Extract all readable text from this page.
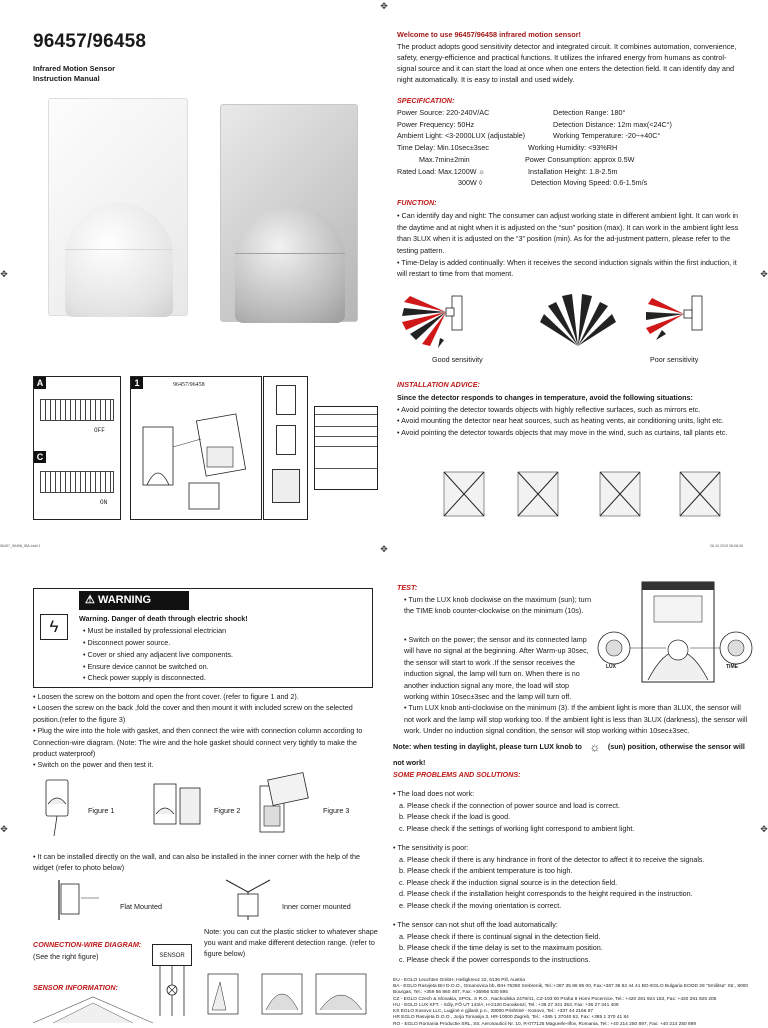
✥
✥	✥
✥
✥	✥
96457/96458
Infrared Motion Sensor
Instruction Manual
Welcome to use 96457/96458 infrared motion sensor!
The product adopts good sensitivity detector and integrated circuit. It combines automation, convenience, safety, energy-efficience and practical functions. It utilizes the infrared energy from humans as control-signal source and it can start the load at once when one enters the detection field. It can identify day and night automatically. It is easy to install and used widely.
SPECIFICATION:
Power Source: 220-240V/AC	Detection Range: 180°
Power Frequency: 50Hz	Detection Distance: 12m max(<24C°)
Ambient Light: <3-2000LUX (adjustable)	Working Temperature: -20~+40C°
Time Delay: Min.10sec±3sec	Working Humidity: <93%RH
Max.7min±2min	Power Consumption: approx 0.5W
Rated Load: Max.1200W ☼	Installation Height: 1.8-2.5m
300W ◊	Detection Moving Speed: 0.6-1.5m/s
FUNCTION:
• Can identify day and night: The consumer can adjust working state in different ambient light. It can work in the daytime and at night when it is adjusted on the “sun” position (max). It can work in the ambient light less than 3LUX when it is adjusted on the “3” position (min). As for the ad-justment pattern, please refer to the testing pattern.
• Time-Delay is added continually: When it receives the second induction signals within the first induction, it will restart to time from that moment.
Good sensitivity	Poor sensitivity
A
OFF
C
ON
1	96457/96458	INSTALLATION ADVICE:
Since the detector responds to changes in temperature, avoid the following situations:
• Avoid pointing the detector towards objects with highly reflective surfaces, such as mirrors etc.
• Avoid mounting the detector near heat sources, such as heating vents, air conditioning units, light etc.
• Avoid pointing the detector towards objects that may move in the wind, such as curtains, tall plants etc.
96457_96458_IBA.indd 1	26.10.2015 08:08:26
⚠ WARNING
ϟ	Warning. Danger of death through electric shock!
• Must be installed by professional electrician
• Disconnect power source.
• Cover or shied any adjacent live components.
• Ensure device cannot be switched on.
• Check power supply is disconnected.
• Loosen the screw on the bottom and open the front cover. (refer to figure 1 and 2).
• Loosen the screw on the back ,fold the cover and then mount it with included screw on the selected position.(refer to the figure 3)
• Plug the wire into the hole with gasket, and then connect the wire with connection column according to Connection-wire diagram. (Note: The wire and the hole gasket should connect very tightly to make the product waterproof)
• Switch on the power and then test it.
Figure 1	Figure 2	Figure 3
• It can be installed directly on the wall, and can also be installed in the inner corner with the help of the widget (refer to photo below)
Flat Mounted	Inner corner mounted
CONNECTION-WIRE DIAGRAM:
(See the right figure)	SENSOR
Note: you can cut the plastic sticker to whatever shape you want and make different detection range. (refer to figure below)
SENSOR INFORMATION:
TEST:
• Turn the LUX knob clockwise on the maximum (sun); turn the TIME knob counter-clockwise on the minimum (10s).
• Switch on the power; the sensor and its connected lamp will have no signal at the beginning. After Warm-up 30sec, the sensor will start to work .If the sensor receives the induction signal, the lamp will turn on. When there is no another induction signal any more, the load will stop working within 10sec±3sec and the lamp will turn off.
• Turn LUX knob anti-clockwise on the minimum (3). If the ambient light is more than 3LUX, the sensor will not work and the lamp will stop working too. If the ambient light is less than 3LUX (darkness), the sensor will work. Under no induction signal condition, the sensor will stop working within 10sec±3sec.
LUX	TIME
Note: when testing in daylight, please turn LUX knob to ☼ (sun) position, otherwise the sensor will not work!
SOME PROBLEMS AND SOLUTIONS:
• The load does not work:
a. Please check if the connection of power source and load is correct.
b. Please check if the load is good.
c. Please check if the settings of working light correspond to ambient light.
• The sensitivity is poor:
a. Please check if there is any hindrance in front of the detector to affect it to receive the signals.
b. Please check if the ambient temperature is too high.
c. Please check if the induction signal source is in the detection field.
d. Please check if the installation height corresponds to the height required in the instruction.
e. Please check if the moving orientation is correct.
• The sensor can not shut off the load automatically:
a. Please check if there is continual signal in the detection field.
b. Please check if the time delay is set to the maximum position.
c. Please check if the power corresponds to the instructions.
EU - EGLO Leuchten GmbH, Heiligkreuz 22, 6136 Pill, Austria
BA - EGLO Rasvjeta BH D.O.O., Omanovica bb, BIH-75350 Srebrenik, Tel.:+387 35 86 85 00, Fax:+387 35 82 44 41 BG-EGLO Bulgaria EOOD 28 "Smilitsa" Str., 8000 Bourgas, Tel.: +359 56 860 487, Fax: +35956 530 595
CZ - EGLO Czech & Slovakia, SPOL. S R.O., Nachodska 2479/41, CZ-193 00 Praha 9 Horni Pocernice, Tel.: +420 281 924 183, Fax: +420 281 925 205
HU - EGLO LUX KFT. - Sóly, FŐ UT 143/A, H-2120 Dunakeszi, Tel.: +36 27 341 353, Fax: +36 27 341 409
KS EGLO Kosovo LLC, Lugjinë e gjilanit p.n., 28000 Prishtinë - Kosovo, Tel.: +337 44 2166 87
HR EGLO Rasvjeta D.O.O., Jurja Tomasija 3, HR-10000 Zagreb, Tel.: +385 1 37040 62, Fax: +385 1 370 41 84
RO - EGLO Romania Productie SRL, Str. Aeronauticii Nr. 10, R-077125 Magurele-Ilfov, Romania, Tel.: +40 214 250 897, Fax: +40 214 250 899
